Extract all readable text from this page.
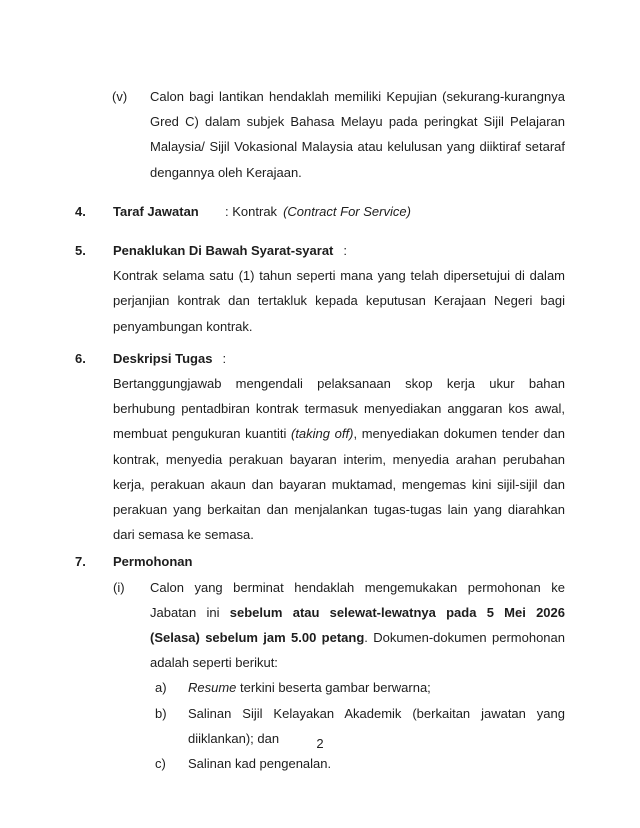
(v)	Calon bagi lantikan hendaklah memiliki Kepujian (sekurang-kurangnya Gred C) dalam subjek Bahasa Melayu pada peringkat Sijil Pelajaran Malaysia/ Sijil Vokasional Malaysia atau kelulusan yang diiktiraf setaraf dengannya oleh Kerajaan.

4.	Taraf Jawatan : Kontrak (Contract For Service)

5.	Penaklukan Di Bawah Syarat-syarat :

Kontrak selama satu (1) tahun seperti mana yang telah dipersetujui di dalam perjanjian kontrak dan tertakluk kepada keputusan Kerajaan Negeri bagi penyambungan kontrak.

6.	Deskripsi Tugas :

Bertanggungjawab mengendali pelaksanaan skop kerja ukur bahan berhubung pentadbiran kontrak termasuk menyediakan anggaran kos awal, membuat pengukuran kuantiti (taking off), menyediakan dokumen tender dan kontrak, menyedia perakuan bayaran interim, menyedia arahan perubahan kerja, perakuan akaun dan bayaran muktamad, mengemas kini sijil-sijil dan perakuan yang berkaitan dan menjalankan tugas-tugas lain yang diarahkan dari semasa ke semasa.

7.	Permohonan

(i)	Calon yang berminat hendaklah mengemukakan permohonan ke Jabatan ini sebelum atau selewat-lewatnya pada 5 Mei 2026 (Selasa) sebelum jam 5.00 petang. Dokumen-dokumen permohonan adalah seperti berikut:

a)	Resume terkini beserta gambar berwarna;

b)	Salinan Sijil Kelayakan Akademik (berkaitan jawatan yang diiklankan); dan

c)	Salinan kad pengenalan.

2
